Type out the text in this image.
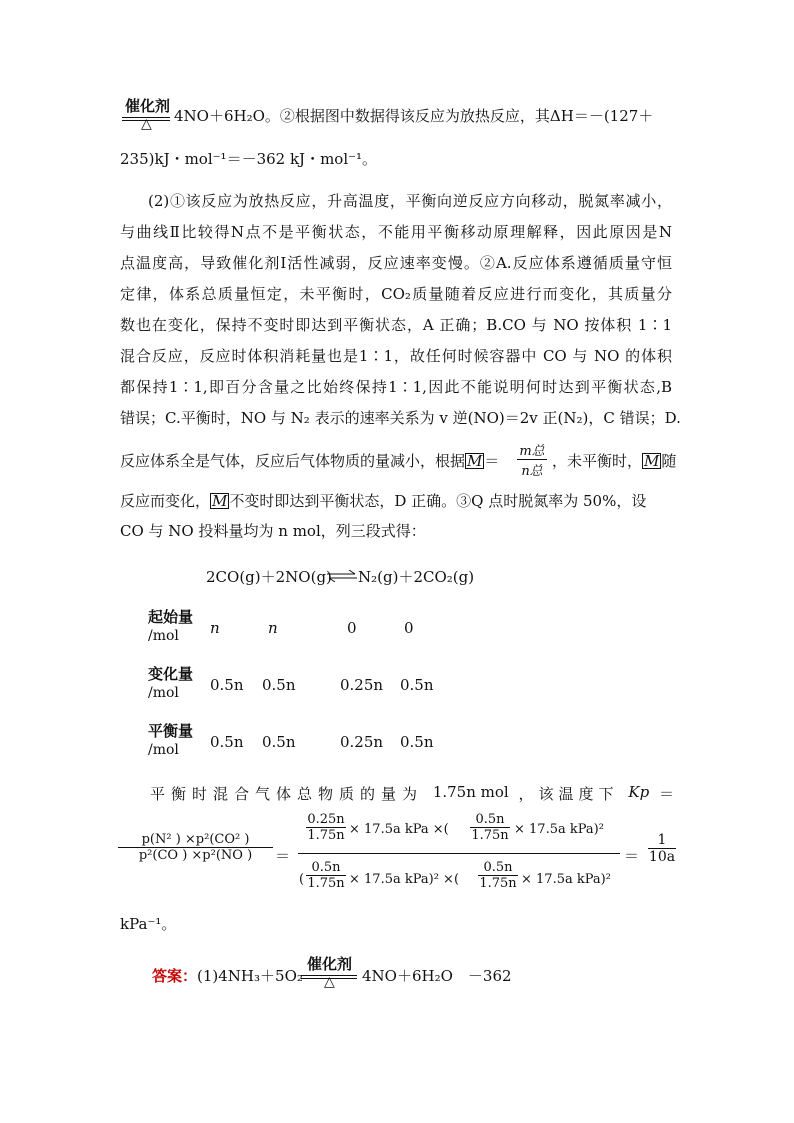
催化剂
△ 4NO＋6H₂O。②根据图中数据得该反应为放热反应，其ΔH＝－(127＋
235)kJ・mol⁻¹＝－362 kJ・mol⁻¹。
(2)①该反应为放热反应，升高温度，平衡向逆反应方向移动，脱氮率减小，
与曲线Ⅱ比较得N点不是平衡状态，不能用平衡移动原理解释，因此原因是N
点温度高，导致催化剂Ⅰ活性减弱，反应速率变慢。②A.反应体系遵循质量守恒
定律，体系总质量恒定，未平衡时，CO₂质量随着反应进行而变化，其质量分
数也在变化，保持不变时即达到平衡状态，A 正确；B.CO 与 NO 按体积 1∶1
混合反应，反应时体积消耗量也是1∶1，故任何时候容器中 CO 与 NO 的体积
都保持1∶1,即百分含量之比始终保持1∶1,因此不能说明何时达到平衡状态,B
错误；C.平衡时，NO 与 N₂ 表示的速率关系为 v 逆(NO)＝2v 正(N₂)，C 错误；D.
反应体系全是气体，反应后气体物质的量减小，根据 M ＝
m总
n总
，未平衡时， M 随
反应而变化， M 不变时即达到平衡状态，D 正确。③Q 点时脱氮率为 50%，设
CO 与 NO 投料量均为 n mol，列三段式得：
2CO(g)＋2NO(g) ⇌ N₂(g)＋2CO₂(g)
起始量
/mol	n	n	0	0
变化量
/mol	0.5n 0.5n	0.25n 0.5n
平衡量
/mol	0.5n 0.5n	0.25n 0.5n
平衡时混合气体总物质的量为 1.75n mol ，该温度下 Kp ＝
p(N² ) ×p²(CO² )
p²(CO ) ×p²(NO )	＝
0.25n
1.75n × 17.5a kPa ×(
0.5n
1.75n × 17.5a kPa)²
(
0.5n
1.75n × 17.5a kPa)² ×(
0.5n
1.75n × 17.5a kPa)²
＝
1
10a
kPa⁻¹。
答案：(1)4NH₃＋5O₂
催化剂
△ 4NO＋6H₂O　－362
